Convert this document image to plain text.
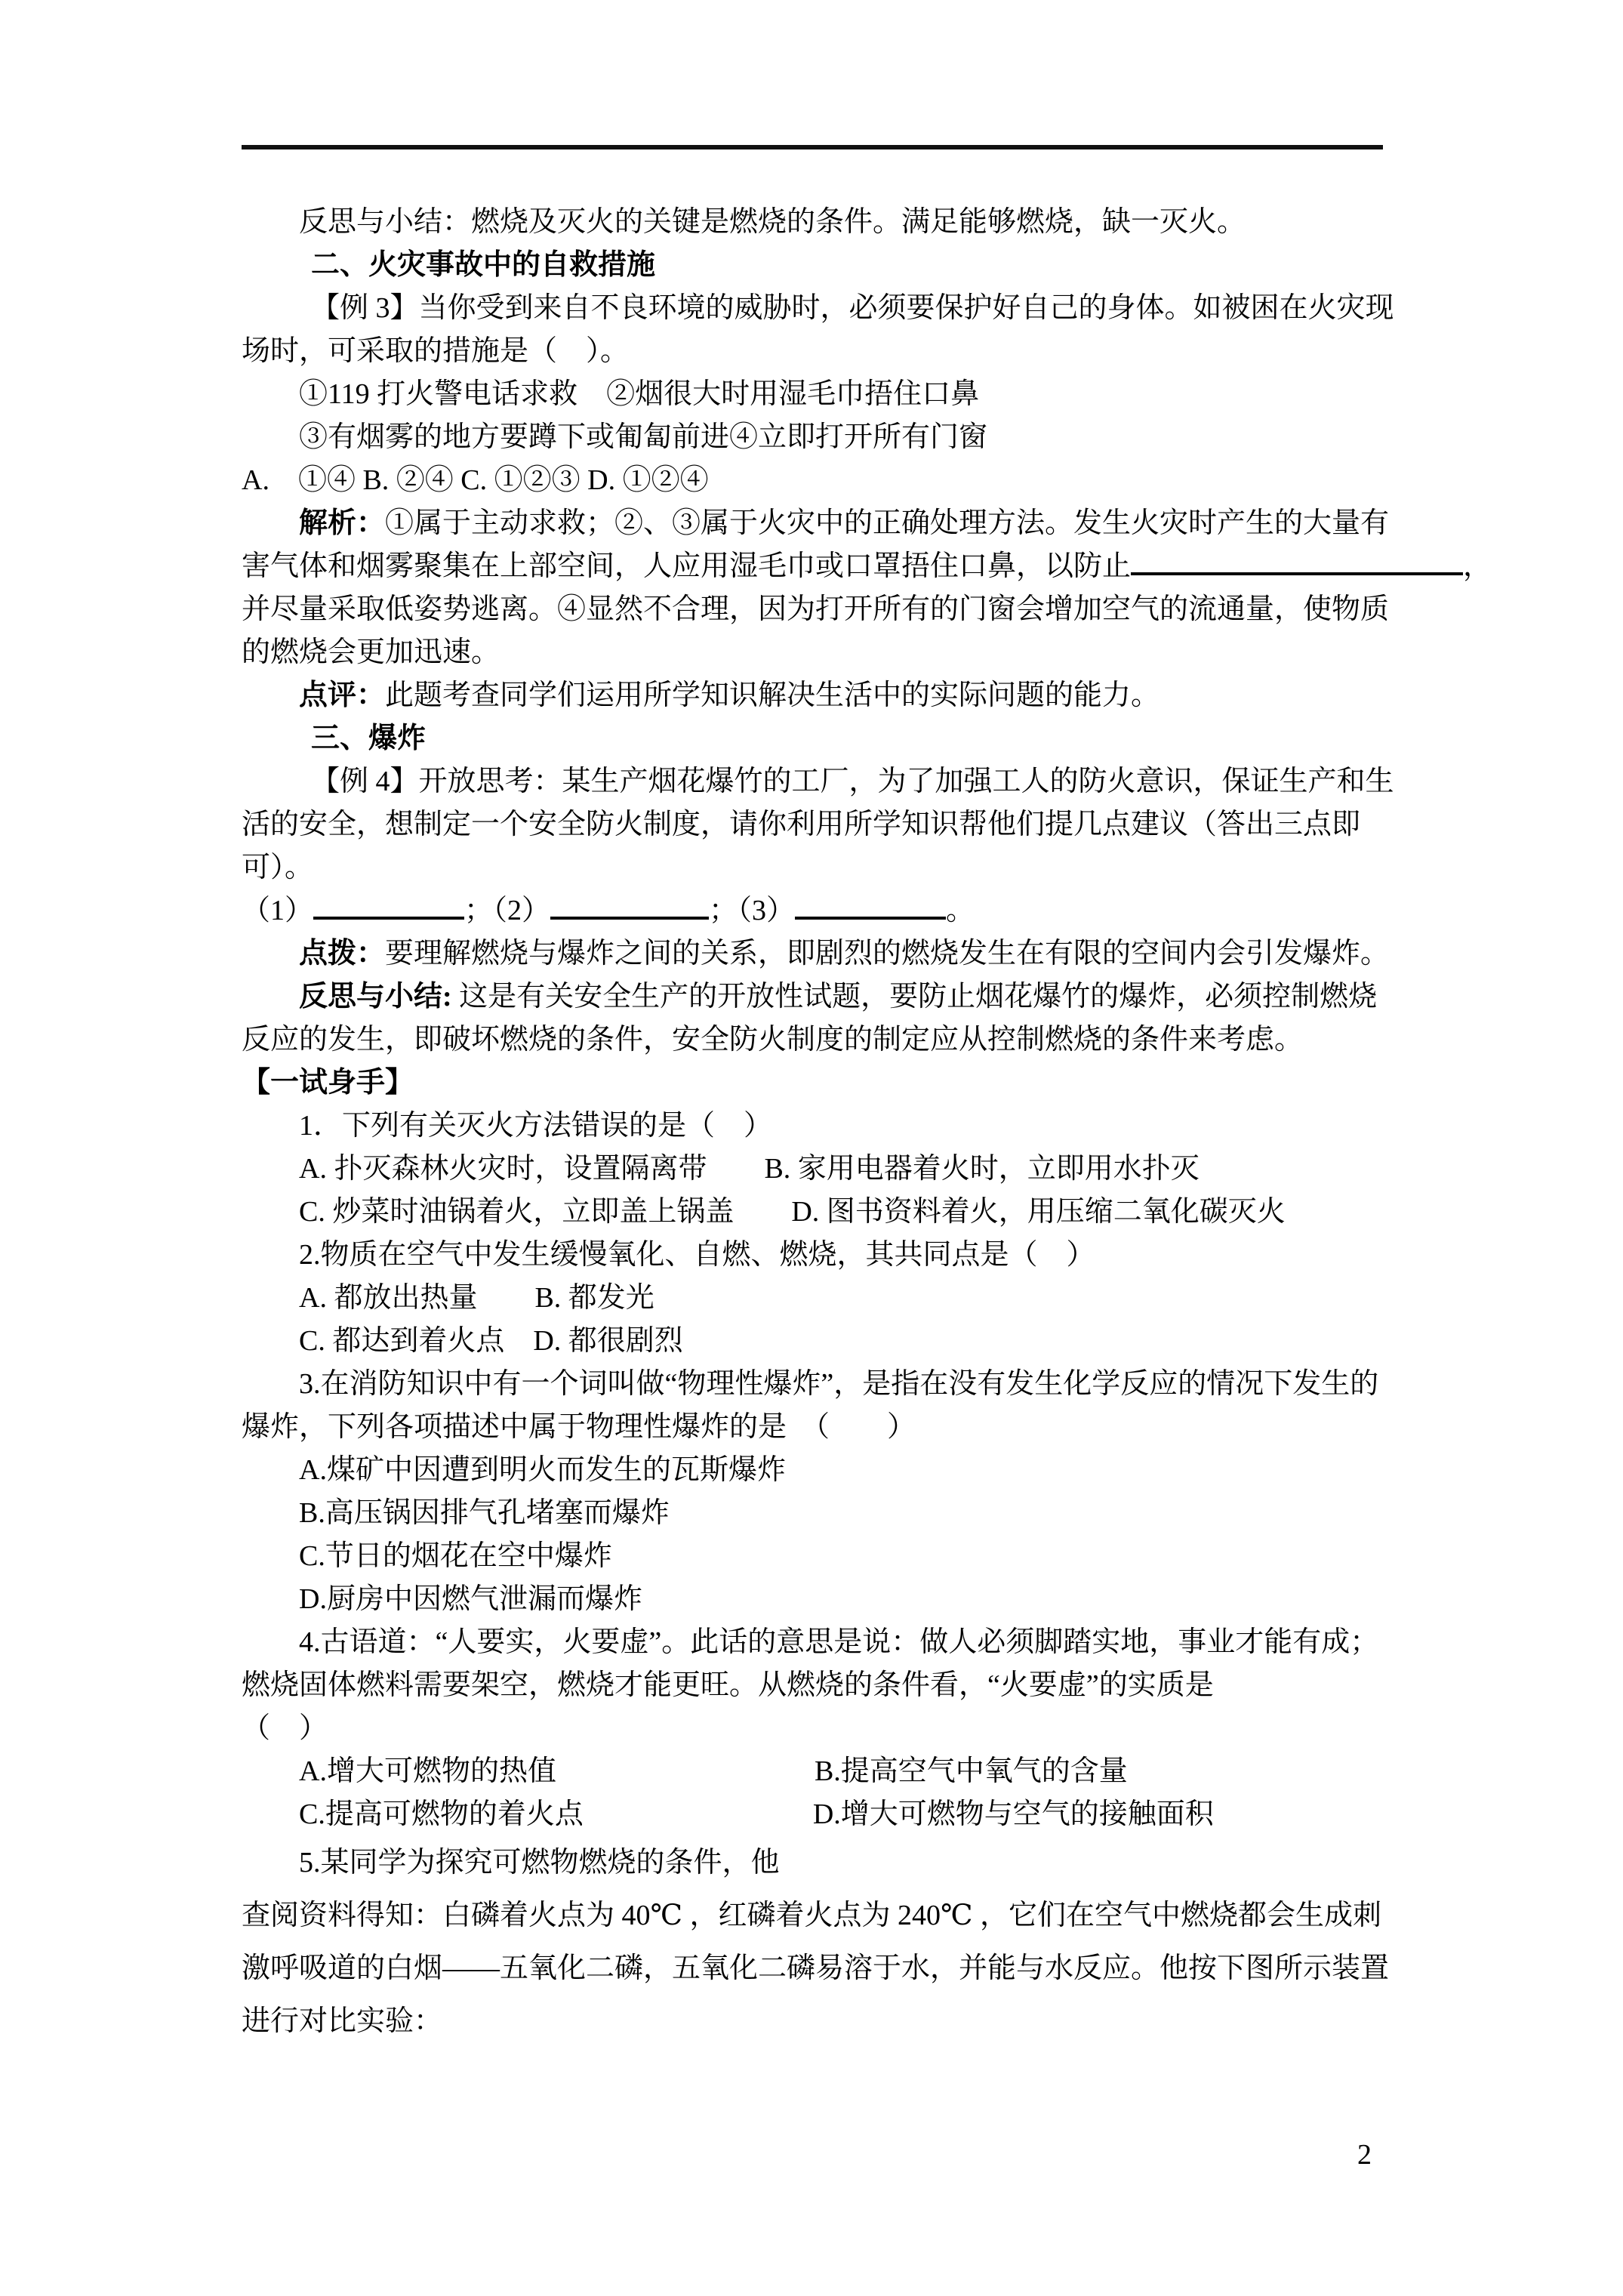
反思与小结：燃烧及灭火的关键是燃烧的条件。满足能够燃烧，缺一灭火。
二、火灾事故中的自救措施
【例 3】当你受到来自不良环境的威胁时，必须要保护好自己的身体。如被困在火灾现
场时，可采取的措施是（　）。
①119 打火警电话求救　②烟很大时用湿毛巾捂住口鼻
③有烟雾的地方要蹲下或匍匐前进④立即打开所有门窗
A.　①④ B. ②④ C. ①②③ D. ①②④
解析：①属于主动求救；②、③属于火灾中的正确处理方法。发生火灾时产生的大量有
害气体和烟雾聚集在上部空间，人应用湿毛巾或口罩捂住口鼻，以防止	，
并尽量采取低姿势逃离。④显然不合理，因为打开所有的门窗会增加空气的流通量，使物质
的燃烧会更加迅速。
点评：此题考查同学们运用所学知识解决生活中的实际问题的能力。
三、爆炸
【例 4】开放思考：某生产烟花爆竹的工厂，为了加强工人的防火意识，保证生产和生
活的安全，想制定一个安全防火制度，请你利用所学知识帮他们提几点建议（答出三点即
可）。
（1）	；（2）	；（3）	。
点拨：要理解燃烧与爆炸之间的关系，即剧烈的燃烧发生在有限的空间内会引发爆炸。
反思与小结: 这是有关安全生产的开放性试题，要防止烟花爆竹的爆炸，必须控制燃烧
反应的发生，即破坏燃烧的条件，安全防火制度的制定应从控制燃烧的条件来考虑。
【一试身手】
1．下列有关灭火方法错误的是（　）
A. 扑灭森林火灾时，设置隔离带　　B. 家用电器着火时，立即用水扑灭
C. 炒菜时油锅着火，立即盖上锅盖　　D. 图书资料着火，用压缩二氧化碳灭火
2.物质在空气中发生缓慢氧化、自燃、燃烧，其共同点是（　）
A. 都放出热量　　B. 都发光
C. 都达到着火点　D. 都很剧烈
3.在消防知识中有一个词叫做“物理性爆炸”，是指在没有发生化学反应的情况下发生的
爆炸，下列各项描述中属于物理性爆炸的是　（　　）
A.煤矿中因遭到明火而发生的瓦斯爆炸
B.高压锅因排气孔堵塞而爆炸
C.节日的烟花在空中爆炸
D.厨房中因燃气泄漏而爆炸
4.古语道：“人要实，火要虚”。此话的意思是说：做人必须脚踏实地，事业才能有成；
燃烧固体燃料需要架空，燃烧才能更旺。从燃烧的条件看，“火要虚”的实质是
（　）
A.增大可燃物的热值　　　　　　　　　B.提高空气中氧气的含量
C.提高可燃物的着火点　　　　　　　　D.增大可燃物与空气的接触面积
5.某同学为探究可燃物燃烧的条件，他
查阅资料得知：白磷着火点为 40℃ ，红磷着火点为 240℃ ，它们在空气中燃烧都会生成刺
激呼吸道的白烟——五氧化二磷，五氧化二磷易溶于水，并能与水反应。他按下图所示装置
进行对比实验：
2
